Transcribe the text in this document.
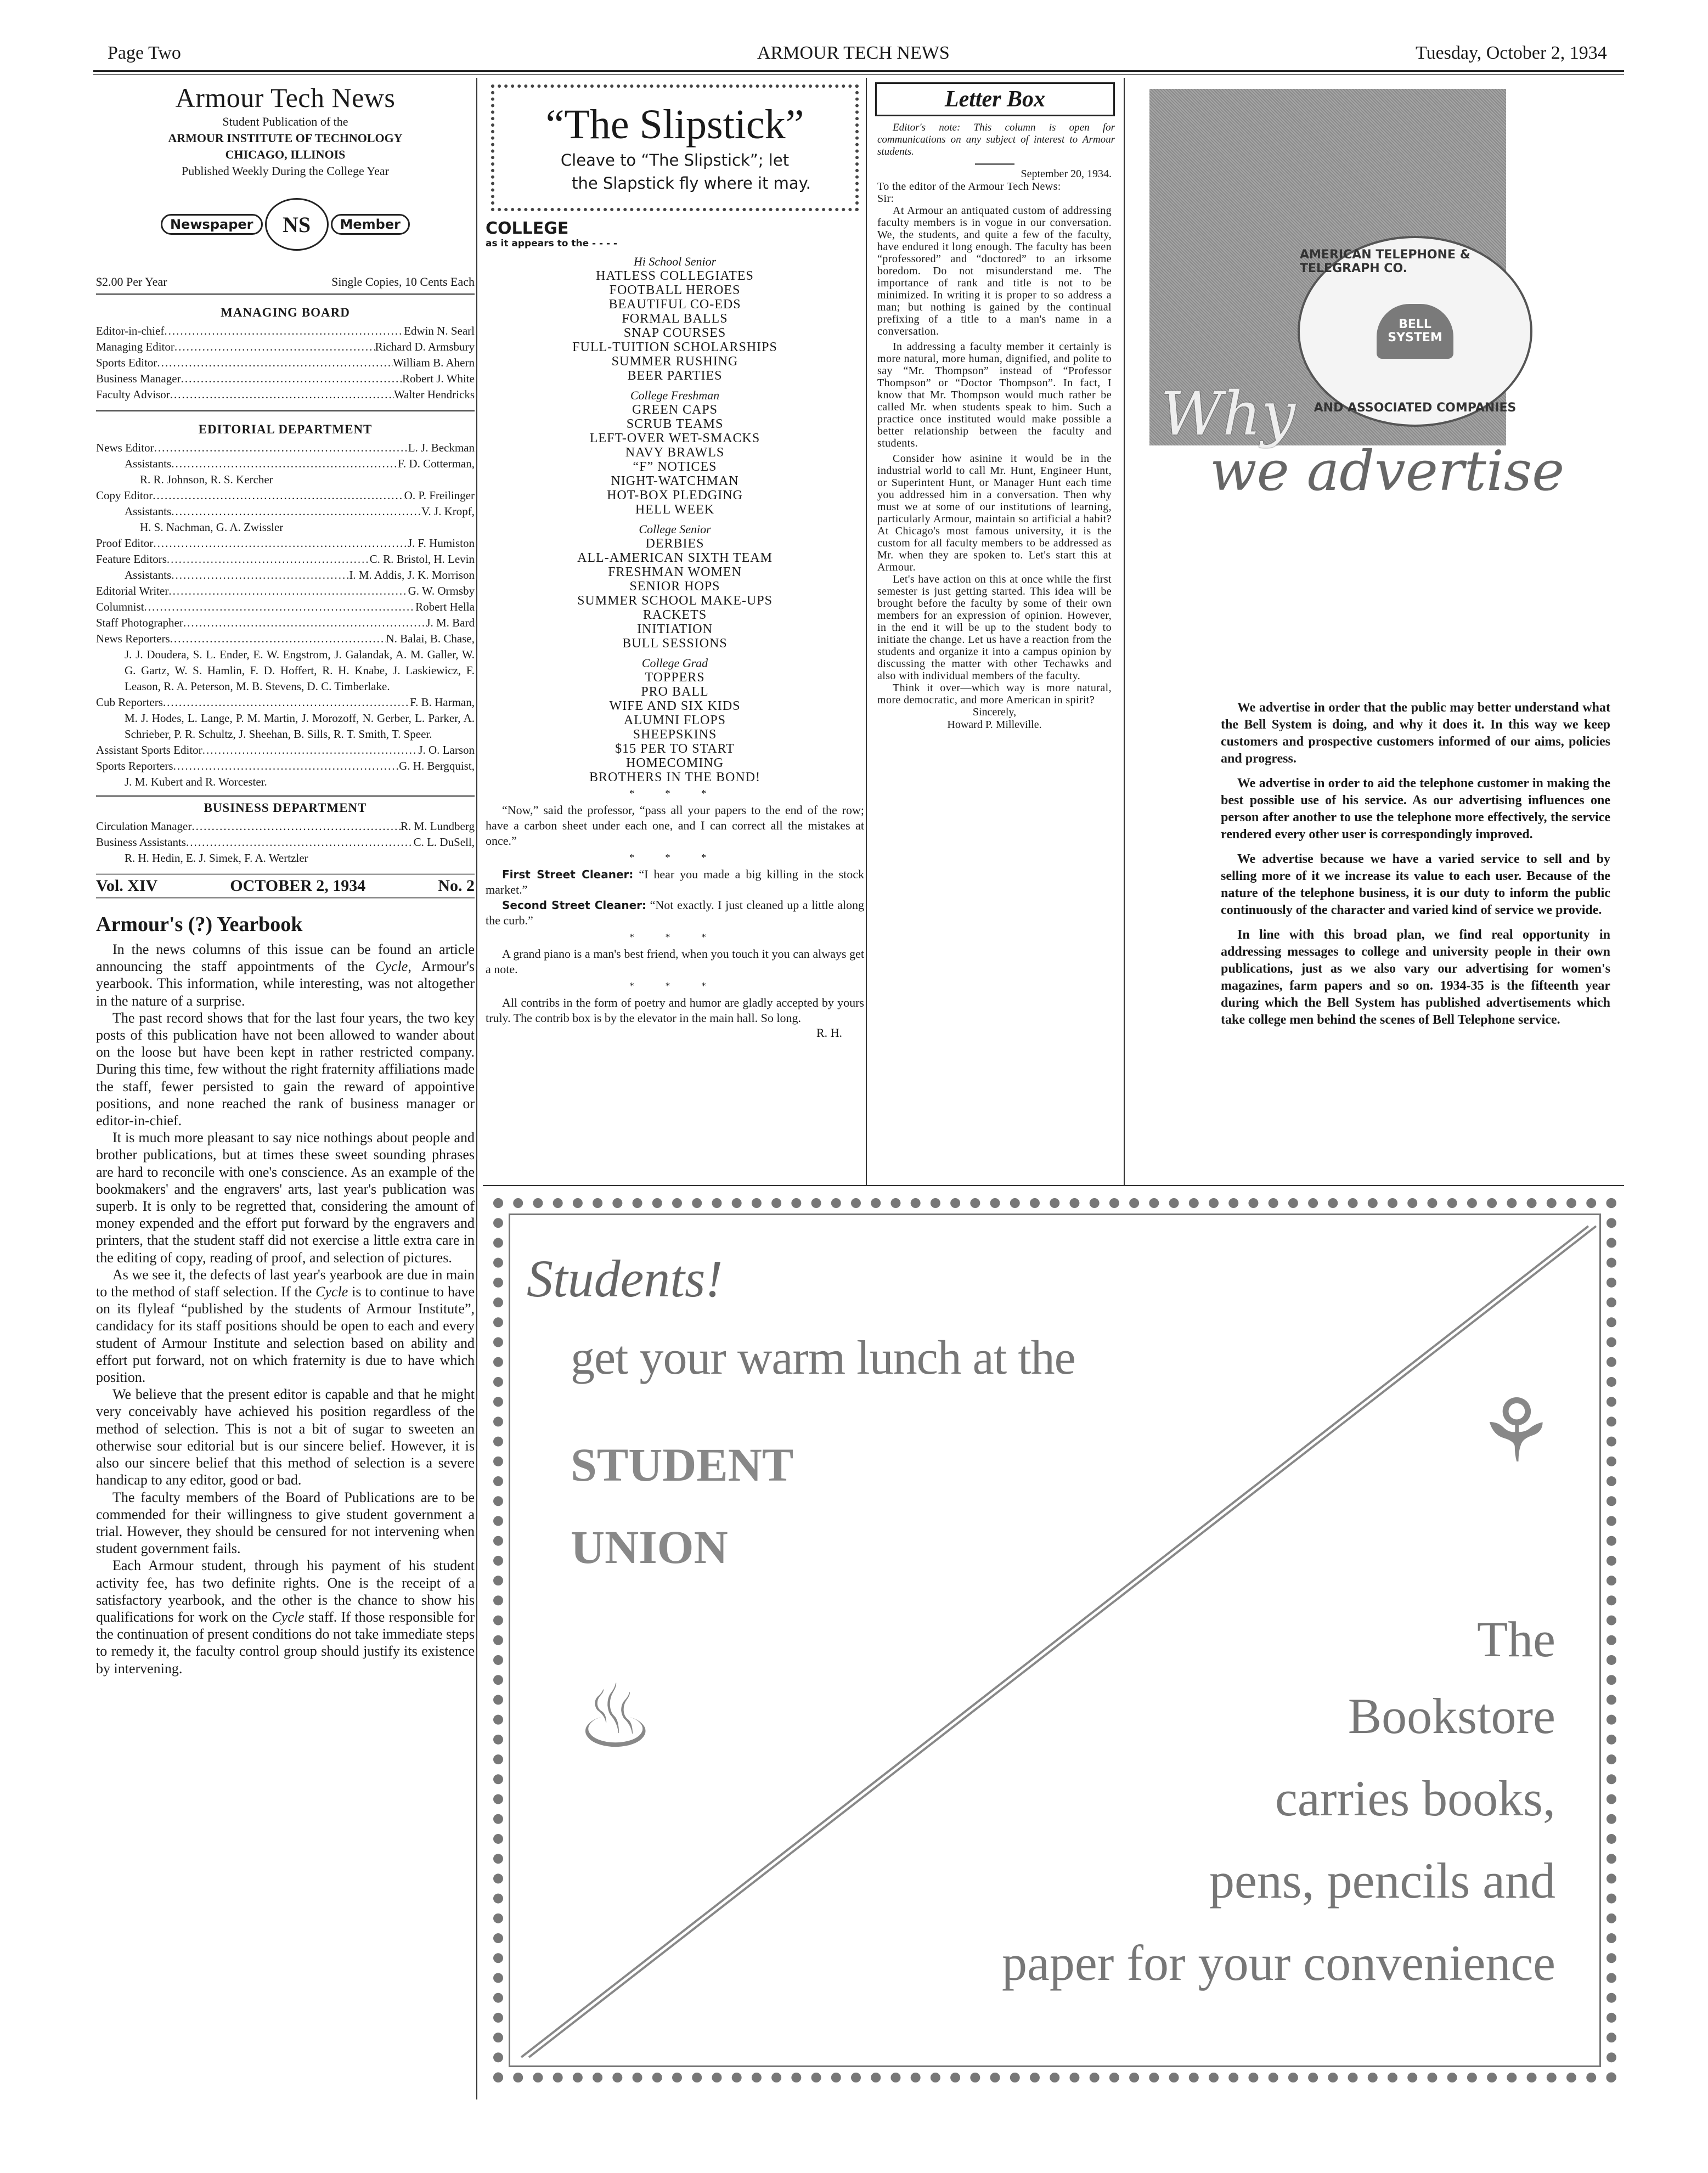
Page Two	ARMOUR TECH NEWS	Tuesday, October 2, 1934
Armour Tech News
Student Publication of the
ARMOUR INSTITUTE OF TECHNOLOGY
CHICAGO, ILLINOIS
Published Weekly During the College Year
Newspaper	NS	Member
$2.00 Per Year	Single Copies, 10 Cents Each
MANAGING BOARD
Editor-in-chief .....	Edwin N. Searl
Managing Editor .....	Richard D. Armsbury
Sports Editor .....	William B. Ahern
Business Manager .....	Robert J. White
Faculty Advisor .....	Walter Hendricks
EDITORIAL DEPARTMENT
News Editor .....	L. J. Beckman
Assistants .....	F. D. Cotterman,
R. R. Johnson, R. S. Kercher
Copy Editor .....	O. P. Freilinger
Assistants .....	V. J. Kropf,
H. S. Nachman, G. A. Zwissler
Proof Editor .....	J. F. Humiston
Feature Editors .....	C. R. Bristol, H. Levin
Assistants .....	I. M. Addis, J. K. Morrison
Editorial Writer .....	G. W. Ormsby
Columnist .....	Robert Hella
Staff Photographer .....	J. M. Bard
News Reporters .....	N. Balai, B. Chase,
J. J. Doudera, S. L. Ender, E. W. Engstrom, J. Galandak, A. M. Galler, W. G. Gartz, W. S. Hamlin, F. D. Hoffert, R. H. Knabe, J. Laskiewicz, F. Leason, R. A. Peterson, M. B. Stevens, D. C. Timberlake.
Cub Reporters .....	F. B. Harman,
M. J. Hodes, L. Lange, P. M. Martin, J. Morozoff, N. Gerber, L. Parker, A. Schrieber, P. R. Schultz, J. Sheehan, B. Sills, R. T. Smith, T. Speer.
Assistant Sports Editor .....	J. O. Larson
Sports Reporters .....	G. H. Bergquist,
J. M. Kubert and R. Worcester.
BUSINESS DEPARTMENT
Circulation Manager .....	R. M. Lundberg
Business Assistants .....	C. L. DuSell,
R. H. Hedin, E. J. Simek, F. A. Wertzler
Vol. XIV	OCTOBER 2, 1934	No. 2
Armour's (?) Yearbook

In the news columns of this issue can be found an article announcing the staff appointments of the Cycle, Armour's yearbook. This information, while interesting, was not altogether in the nature of a surprise.

The past record shows that for the last four years, the two key posts of this publication have not been allowed to wander about on the loose but have been kept in rather restricted company. During this time, few without the right fraternity affiliations made the staff, fewer persisted to gain the reward of appointive positions, and none reached the rank of business manager or editor-in-chief.

It is much more pleasant to say nice nothings about people and brother publications, but at times these sweet sounding phrases are hard to reconcile with one's conscience. As an example of the bookmakers' and the engravers' arts, last year's publication was superb. It is only to be regretted that, considering the amount of money expended and the effort put forward by the engravers and printers, that the student staff did not exercise a little extra care in the editing of copy, reading of proof, and selection of pictures.

As we see it, the defects of last year's yearbook are due in main to the method of staff selection. If the Cycle is to continue to have on its flyleaf “published by the students of Armour Institute”, candidacy for its staff positions should be open to each and every student of Armour Institute and selection based on ability and effort put forward, not on which fraternity is due to have which position.

We believe that the present editor is capable and that he might very conceivably have achieved his position regardless of the method of selection. This is not a bit of sugar to sweeten an otherwise sour editorial but is our sincere belief. However, it is also our sincere belief that this method of selection is a severe handicap to any editor, good or bad.

The faculty members of the Board of Publications are to be commended for their willingness to give student government a trial. However, they should be censured for not intervening when student government fails.

Each Armour student, through his payment of his student activity fee, has two definite rights. One is the receipt of a satisfactory yearbook, and the other is the chance to show his qualifications for work on the Cycle staff. If those responsible for the continuation of present conditions do not take immediate steps to remedy it, the faculty control group should justify its existence by intervening.

“The Slipstick”
Cleave to “The Slipstick”; let
the Slapstick fly where it may.
COLLEGE
as it appears to the - - - -
Hi School Senior
HATLESS COLLEGIATES
FOOTBALL HEROES
BEAUTIFUL CO-EDS
FORMAL BALLS
SNAP COURSES
FULL-TUITION SCHOLARSHIPS
SUMMER RUSHING
BEER PARTIES
College Freshman
GREEN CAPS
SCRUB TEAMS
LEFT-OVER WET-SMACKS
NAVY BRAWLS
“F” NOTICES
NIGHT-WATCHMAN
HOT-BOX PLEDGING
HELL WEEK
College Senior
DERBIES
ALL-AMERICAN SIXTH TEAM
FRESHMAN WOMEN
SENIOR HOPS
SUMMER SCHOOL MAKE-UPS
RACKETS
INITIATION
BULL SESSIONS
College Grad
TOPPERS
PRO BALL
WIFE AND SIX KIDS
ALUMNI FLOPS
SHEEPSKINS
$15 PER TO START
HOMECOMING
BROTHERS IN THE BOND!
* * *

“Now,” said the professor, “pass all your papers to the end of the row; have a carbon sheet under each one, and I can correct all the mistakes at once.”

* * *

First Street Cleaner: “I hear you made a big killing in the stock market.”

Second Street Cleaner: “Not exactly. I just cleaned up a little along the curb.”

* * *

A grand piano is a man's best friend, when you touch it you can always get a note.

* * *

All contribs in the form of poetry and humor are gladly accepted by yours truly. The contrib box is by the elevator in the main hall. So long.

R. H.
Letter Box
Editor's note: This column is open for communications on any subject of interest to Armour students.
September 20, 1934.

To the editor of the Armour Tech News:

Sir:

At Armour an antiquated custom of addressing faculty members is in vogue in our conversation. We, the students, and quite a few of the faculty, have endured it long enough. The faculty has been “professored” and “doctored” to an irksome boredom. Do not misunderstand me. The importance of rank and title is not to be minimized. In writing it is proper to so address a man; but nothing is gained by the continual prefixing of a title to a man's name in a conversation.

In addressing a faculty member it certainly is more natural, more human, dignified, and polite to say “Mr. Thompson” instead of “Professor Thompson” or “Doctor Thompson”. In fact, I know that Mr. Thompson would much rather be called Mr. when students speak to him. Such a practice once instituted would make possible a better relationship between the faculty and students.

Consider how asinine it would be in the industrial world to call Mr. Hunt, Engineer Hunt, or Superintent Hunt, or Manager Hunt each time you addressed him in a conversation. Then why must we at some of our institutions of learning, particularly Armour, maintain so artificial a habit? At Chicago's most famous university, it is the custom for all faculty members to be addressed as Mr. when they are spoken to. Let's start this at Armour.

Let's have action on this at once while the first semester is just getting started. This idea will be brought before the faculty by some of their own members for an expression of opinion. However, in the end it will be up to the student body to initiate the change. Let us have a reaction from the students and organize it into a campus opinion by discussing the matter with other Techawks and also with individual members of the faculty.

Think it over—which way is more natural, more democratic, and more American in spirit?

Sincerely,
Howard P. Milleville.
AMERICAN TELEPHONE & TELEGRAPH CO.
BELL SYSTEM
AND ASSOCIATED COMPANIES
Why
we advertise

We advertise in order that the public may better understand what the Bell System is doing, and why it does it. In this way we keep customers and prospective customers informed of our aims, policies and progress.

We advertise in order to aid the telephone customer in making the best possible use of his service. As our advertising influences one person after another to use the telephone more effectively, the service rendered every other user is correspondingly improved.

We advertise because we have a varied service to sell and by selling more of it we increase its value to each user. Because of the nature of the telephone business, it is our duty to inform the public continuously of the character and varied kind of service we provide.

In line with this broad plan, we find real opportunity in addressing messages to college and university people in their own publications, just as we also vary our advertising for women's magazines, farm papers and so on. 1934-35 is the fifteenth year during which the Bell System has published advertisements which take college men behind the scenes of Bell Telephone service.

Students!
get your warm lunch at the
STUDENT
UNION
♨
⚘
The
Bookstore
carries books,
pens, pencils and
paper for your convenience
